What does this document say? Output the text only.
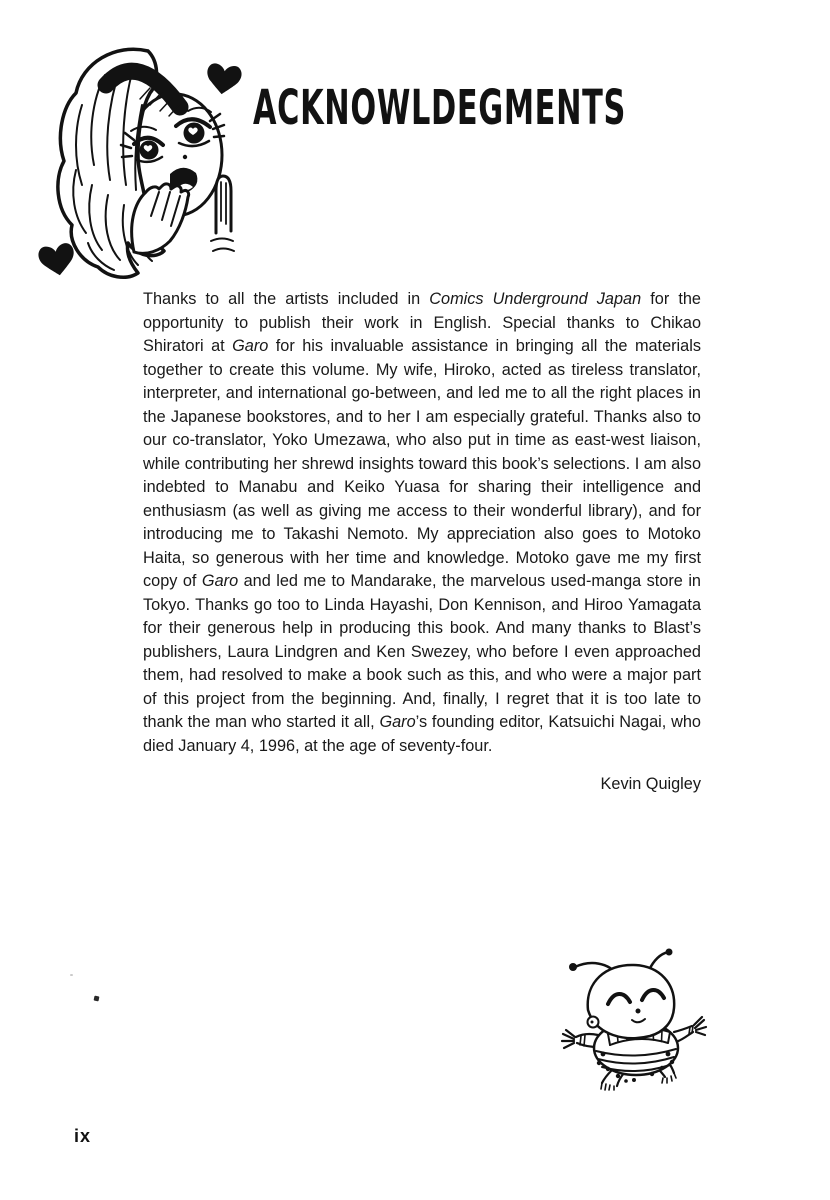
ACKNOWLDEGMENTS

Thanks to all the artists included in Comics Underground Japan for the opportunity to publish their work in English. Special thanks to Chikao Shiratori at Garo for his invaluable assistance in bringing all the materials together to create this volume. My wife, Hiroko, acted as tireless translator, interpreter, and international go-between, and led me to all the right places in the Japanese bookstores, and to her I am especially grateful. Thanks also to our co-translator, Yoko Umezawa, who also put in time as east-west liaison, while contributing her shrewd insights toward this book’s selections. I am also indebted to Manabu and Keiko Yuasa for sharing their intelligence and enthusiasm (as well as giving me access to their wonderful library), and for introducing me to Takashi Nemoto. My appreciation also goes to Motoko Haita, so generous with her time and knowledge. Motoko gave me my first copy of Garo and led me to Mandarake, the marvelous used-manga store in Tokyo. Thanks go too to Linda Hayashi, Don Kennison, and Hiroo Yamagata for their generous help in producing this book. And many thanks to Blast’s publishers, Laura Lindgren and Ken Swezey, who before I even approached them, had resolved to make a book such as this, and who were a major part of this project from the beginning. And, finally, I regret that it is too late to thank the man who started it all, Garo’s founding editor, Katsuichi Nagai, who died January 4, 1996, at the age of seventy-four.

Kevin Quigley

ix
